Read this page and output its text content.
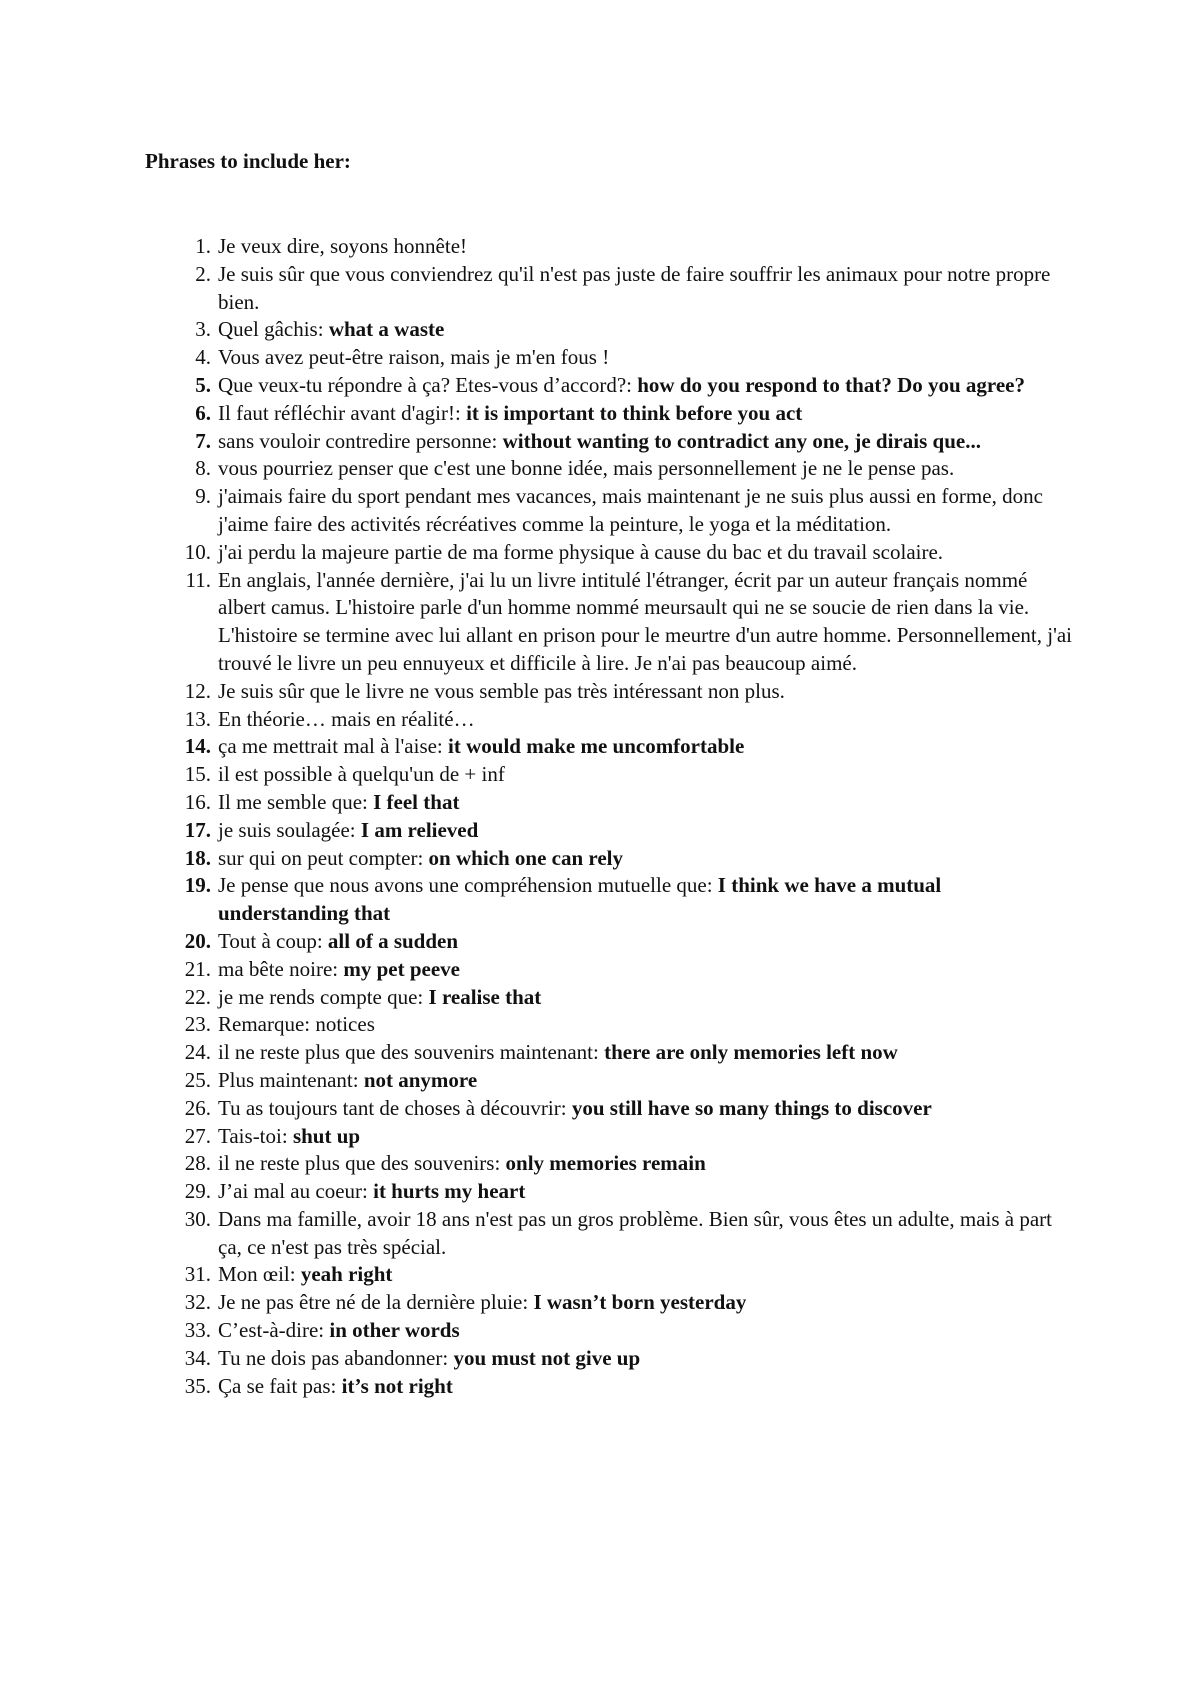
Phrases to include her:
1. Je veux dire, soyons honnête!
2. Je suis sûr que vous conviendrez qu'il n'est pas juste de faire souffrir les animaux pour notre propre bien.
3. Quel gâchis: what a waste
4. Vous avez peut-être raison, mais je m'en fous !
5. Que veux-tu répondre à ça? Etes-vous d’accord?: how do you respond to that? Do you agree?
6. Il faut réfléchir avant d'agir!: it is important to think before you act
7. sans vouloir contredire personne: without wanting to contradict any one, je dirais que...
8. vous pourriez penser que c'est une bonne idée, mais personnellement je ne le pense pas.
9. j'aimais faire du sport pendant mes vacances, mais maintenant je ne suis plus aussi en forme, donc j'aime faire des activités récréatives comme la peinture, le yoga et la méditation.
10. j'ai perdu la majeure partie de ma forme physique à cause du bac et du travail scolaire.
11. En anglais, l'année dernière, j'ai lu un livre intitulé l'étranger, écrit par un auteur français nommé albert camus. L'histoire parle d'un homme nommé meursault qui ne se soucie de rien dans la vie. L'histoire se termine avec lui allant en prison pour le meurtre d'un autre homme. Personnellement, j'ai trouvé le livre un peu ennuyeux et difficile à lire. Je n'ai pas beaucoup aimé.
12. Je suis sûr que le livre ne vous semble pas très intéressant non plus.
13. En théorie… mais en réalité…
14. ça me mettrait mal à l'aise: it would make me uncomfortable
15. il est possible à quelqu'un de + inf
16. Il me semble que: I feel that
17. je suis soulagée: I am relieved
18. sur qui on peut compter: on which one can rely
19. Je pense que nous avons une compréhension mutuelle que: I think we have a mutual understanding that
20. Tout à coup: all of a sudden
21. ma bête noire: my pet peeve
22. je me rends compte que: I realise that
23. Remarque: notices
24. il ne reste plus que des souvenirs maintenant: there are only memories left now
25. Plus maintenant: not anymore
26. Tu as toujours tant de choses à découvrir: you still have so many things to discover
27. Tais-toi: shut up
28. il ne reste plus que des souvenirs: only memories remain
29. J’ai mal au coeur: it hurts my heart
30. Dans ma famille, avoir 18 ans n'est pas un gros problème. Bien sûr, vous êtes un adulte, mais à part ça, ce n'est pas très spécial.
31. Mon œil: yeah right
32. Je ne pas être né de la dernière pluie: I wasn’t born yesterday
33. C’est-à-dire: in other words
34. Tu ne dois pas abandonner: you must not give up
35. Ça se fait pas: it’s not right
